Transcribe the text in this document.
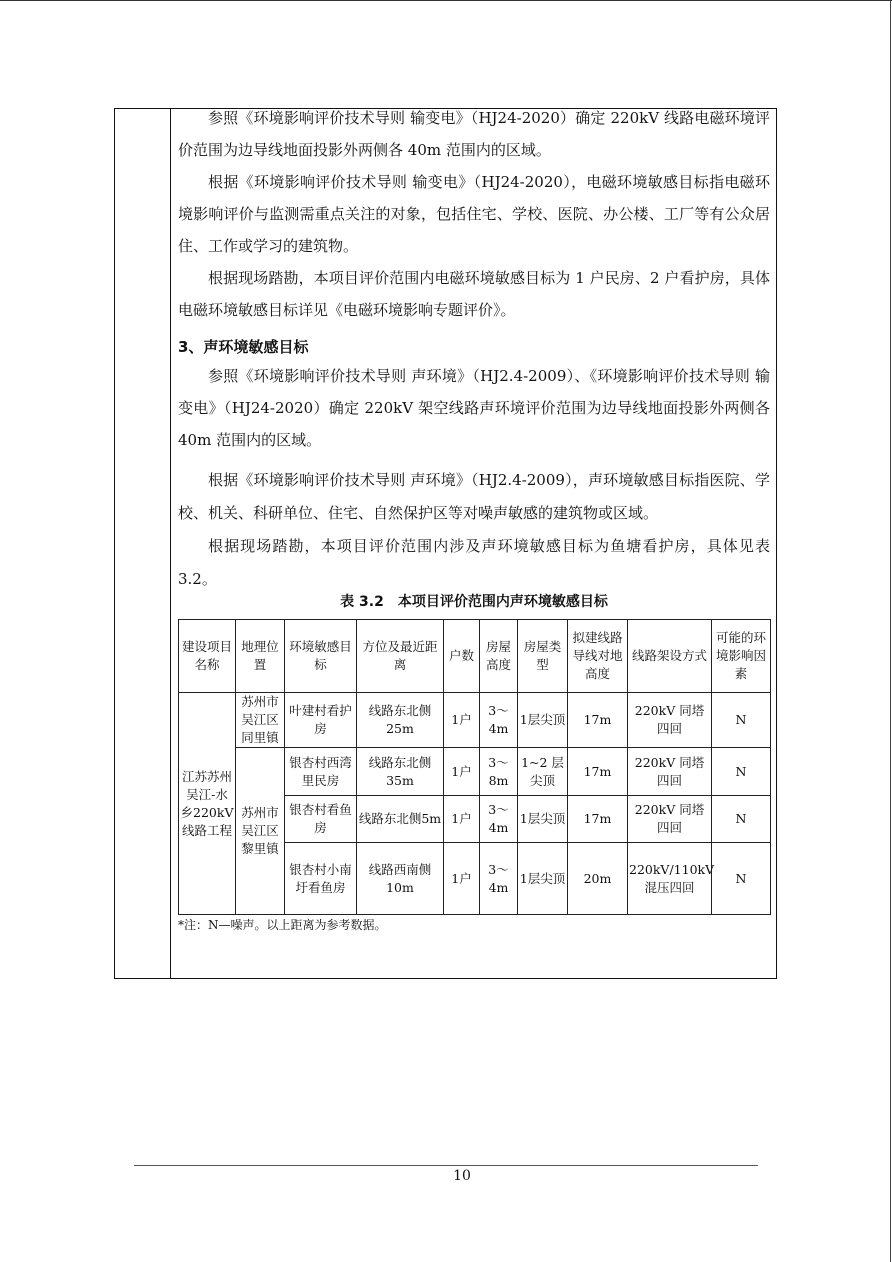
参照《环境影响评价技术导则 输变电》（HJ24-2020）确定 220kV 线路电磁环境评价范围为边导线地面投影外两侧各 40m 范围内的区域。

根据《环境影响评价技术导则 输变电》（HJ24-2020），电磁环境敏感目标指电磁环境影响评价与监测需重点关注的对象，包括住宅、学校、医院、办公楼、工厂等有公众居住、工作或学习的建筑物。

根据现场踏勘，本项目评价范围内电磁环境敏感目标为 1 户民房、2 户看护房，具体电磁环境敏感目标详见《电磁环境影响专题评价》。

3、声环境敏感目标

参照《环境影响评价技术导则 声环境》（HJ2.4-2009）、《环境影响评价技术导则 输变电》（HJ24-2020）确定 220kV 架空线路声环境评价范围为边导线地面投影外两侧各 40m 范围内的区域。

根据《环境影响评价技术导则 声环境》（HJ2.4-2009），声环境敏感目标指医院、学校、机关、科研单位、住宅、自然保护区等对噪声敏感的建筑物或区域。

根据现场踏勘，本项目评价范围内涉及声环境敏感目标为鱼塘看护房，具体见表 3.2。

表 3.2　本项目评价范围内声环境敏感目标
建设项目名称	地理位置	环境敏感目标	方位及最近距离	户数	房屋高度	房屋类型	拟建线路导线对地高度	线路架设方式	可能的环境影响因素
江苏苏州吴江-水乡220kV线路工程	苏州市吴江区同里镇	叶建村看护房	线路东北侧25m	1户	3～4m	1层尖顶	17m	220kV 同塔四回	N
	苏州市吴江区黎里镇	银杏村西湾里民房	线路东北侧35m	1户	3～8m	1~2 层尖顶	17m	220kV 同塔四回	N
		银杏村看鱼房	线路东北侧5m	1户	3～4m	1层尖顶	17m	220kV 同塔四回	N
		银杏村小南圩看鱼房	线路西南侧10m	1户	3～4m	1层尖顶	20m	220kV/110kV 混压四回	N
*注：N—噪声。以上距离为参考数据。
10
